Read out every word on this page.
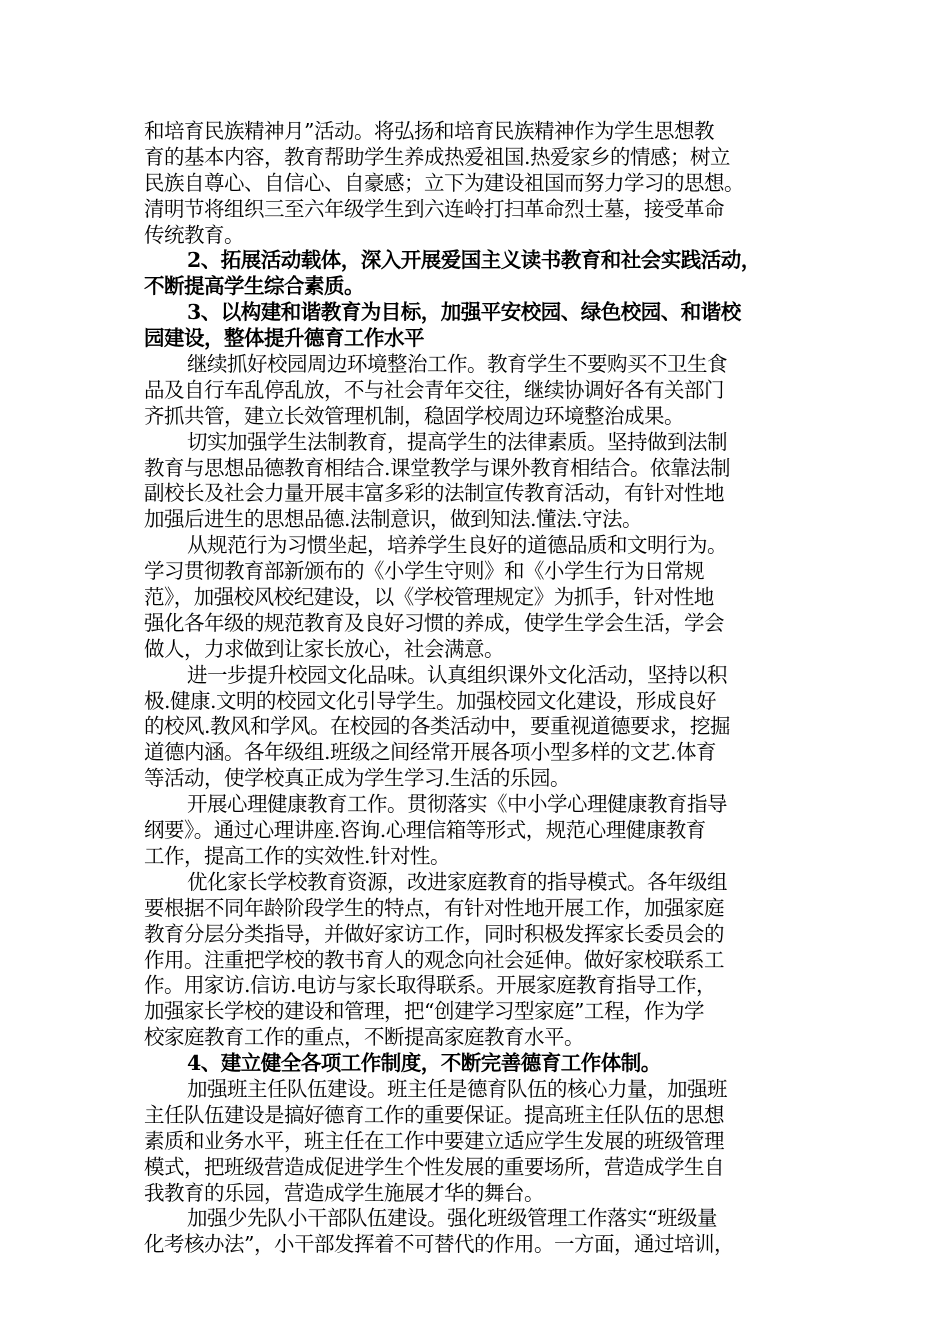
和培育民族精神月”活动。将弘扬和培育民族精神作为学生思想教
育的基本内容，教育帮助学生养成热爱祖国.热爱家乡的情感；树立
民族自尊心、自信心、自豪感；立下为建设祖国而努力学习的思想。
清明节将组织三至六年级学生到六连岭打扫革命烈士墓，接受革命
传统教育。
2、拓展活动载体，深入开展爱国主义读书教育和社会实践活动，
不断提高学生综合素质。
3、以构建和谐教育为目标，加强平安校园、绿色校园、和谐校
园建设，整体提升德育工作水平
继续抓好校园周边环境整治工作。教育学生不要购买不卫生食
品及自行车乱停乱放，不与社会青年交往，继续协调好各有关部门
齐抓共管，建立长效管理机制，稳固学校周边环境整治成果。
切实加强学生法制教育，提高学生的法律素质。坚持做到法制
教育与思想品德教育相结合.课堂教学与课外教育相结合。依靠法制
副校长及社会力量开展丰富多彩的法制宣传教育活动，有针对性地
加强后进生的思想品德.法制意识，做到知法.懂法.守法。
从规范行为习惯坐起，培养学生良好的道德品质和文明行为。
学习贯彻教育部新颁布的《小学生守则》和《小学生行为日常规
范》，加强校风校纪建设，以《学校管理规定》为抓手，针对性地
强化各年级的规范教育及良好习惯的养成，使学生学会生活，学会
做人，力求做到让家长放心，社会满意。
进一步提升校园文化品味。认真组织课外文化活动，坚持以积
极.健康.文明的校园文化引导学生。加强校园文化建设，形成良好
的校风.教风和学风。在校园的各类活动中，要重视道德要求，挖掘
道德内涵。各年级组.班级之间经常开展各项小型多样的文艺.体育
等活动，使学校真正成为学生学习.生活的乐园。
开展心理健康教育工作。贯彻落实《中小学心理健康教育指导
纲要》。通过心理讲座.咨询.心理信箱等形式，规范心理健康教育
工作，提高工作的实效性.针对性。
优化家长学校教育资源，改进家庭教育的指导模式。各年级组
要根据不同年龄阶段学生的特点，有针对性地开展工作，加强家庭
教育分层分类指导，并做好家访工作，同时积极发挥家长委员会的
作用。注重把学校的教书育人的观念向社会延伸。做好家校联系工
作。用家访.信访.电访与家长取得联系。开展家庭教育指导工作，
加强家长学校的建设和管理，把“创建学习型家庭”工程，作为学
校家庭教育工作的重点，不断提高家庭教育水平。
4、建立健全各项工作制度，不断完善德育工作体制。
加强班主任队伍建设。班主任是德育队伍的核心力量，加强班
主任队伍建设是搞好德育工作的重要保证。提高班主任队伍的思想
素质和业务水平，班主任在工作中要建立适应学生发展的班级管理
模式，把班级营造成促进学生个性发展的重要场所，营造成学生自
我教育的乐园，营造成学生施展才华的舞台。
加强少先队小干部队伍建设。强化班级管理工作落实“班级量
化考核办法”，小干部发挥着不可替代的作用。一方面，通过培训，
